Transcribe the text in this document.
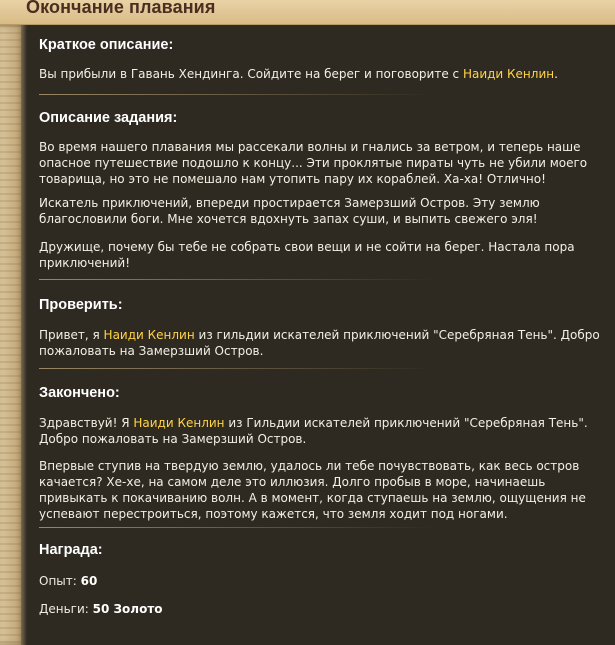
Окончание плавания
Краткое описание:
Вы прибыли в Гавань Хендинга. Сойдите на берег и поговорите с Наиди Кенлин.
Описание задания:
Во время нашего плавания мы рассекали волны и гнались за ветром, и теперь наше опасное путешествие подошло к концу... Эти проклятые пираты чуть не убили моего товарища, но это не помешало нам утопить пару их кораблей. Ха-ха! Отлично!
Искатель приключений, впереди простирается Замерзший Остров. Эту землю благословили боги. Мне хочется вдохнуть запах суши, и выпить свежего эля!
Дружище, почему бы тебе не собрать свои вещи и не сойти на берег. Настала пора приключений!
Проверить:
Привет, я Наиди Кенлин из гильдии искателей приключений "Серебряная Тень". Добро пожаловать на Замерзший Остров.
Закончено:
Здравствуй! Я Наиди Кенлин из Гильдии искателей приключений "Серебряная Тень". Добро пожаловать на Замерзший Остров.
Впервые ступив на твердую землю, удалось ли тебе почувствовать, как весь остров качается? Хе-хе, на самом деле это иллюзия. Долго пробыв в море, начинаешь привыкать к покачиванию волн. А в момент, когда ступаешь на землю, ощущения не успевают перестроиться, поэтому кажется, что земля ходит под ногами.
Награда:
Опыт: 60
Деньги: 50 Золото
